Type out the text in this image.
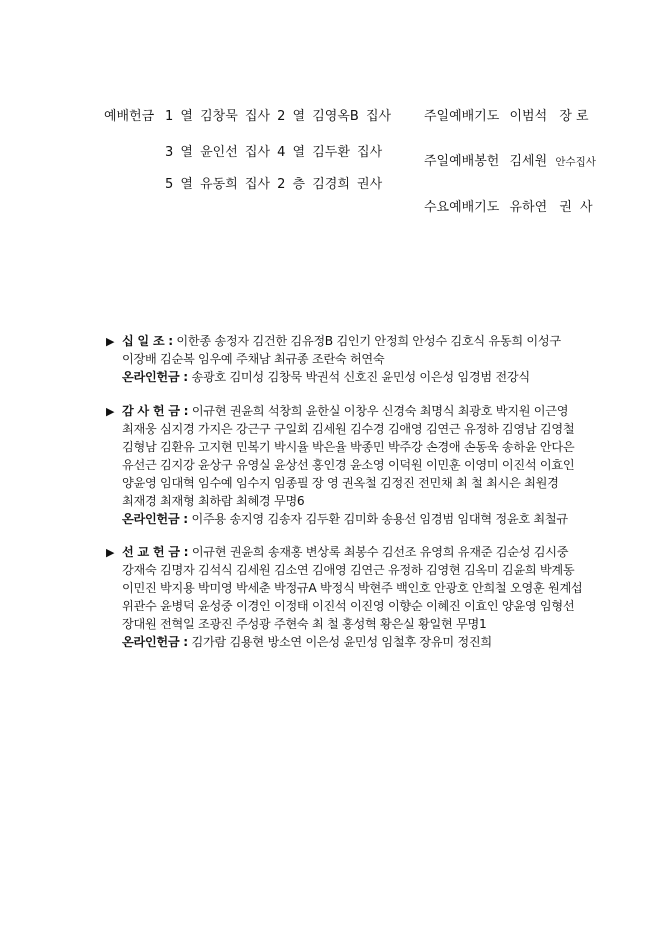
예배헌금 1 열 김창묵 집사 2 열 김영옥B 집사
3 열 윤인선 집사 4 열 김두환 집사
5 열 유동희 집사 2 층 김경희 권사
주일예배기도 이범석 장 로
주일예배봉헌 김세원 안수집사
수요예배기도 유하연 권 사
▶ 십 일 조 : 이한종 송정자 김건한 김유정B 김인기 안정희 안성수 김호식 유동희 이성구
이장배 김순복 임우예 주채남 최규종 조란숙 허연숙
온라인헌금 : 송광호 김미성 김창묵 박권석 신호진 윤민성 이은성 임경범 전강식
▶ 감 사 헌 금 : 이규현 권윤희 석창희 윤한실 이창우 신경숙 최명식 최광호 박지원 이근영
최재웅 심지경 가지은 강근구 구일회 김세원 김수경 김애영 김연근 유정하 김영남 김영철
김형남 김환유 고지현 민복기 박시율 박은율 박종민 박주강 손경애 손동욱 송하윤 안다은
유선근 김지강 윤상구 유영실 윤상선 홍인경 윤소영 이덕원 이민훈 이영미 이진석 이효인
양윤영 임대혁 임수예 임수지 임종필 장 영 권옥철 김정진 전민채 최 철 최시은 최원경
최재경 최재형 최하람 최혜경 무명6
온라인헌금 : 이주용 송지영 김송자 김두환 김미화 송용선 임경범 임대혁 정윤호 최철규
▶ 선 교 헌 금 : 이규현 권윤희 송재홍 변상록 최봉수 김선조 유영희 유재준 김순성 김시중
강재숙 김명자 김석식 김세원 김소연 김애영 김연근 유정하 김영현 김옥미 김윤희 박계동
이민진 박지용 박미영 박세춘 박정규A 박정식 박현주 백인호 안광호 안희철 오영훈 원계섭
위관수 윤병덕 윤성중 이경인 이정태 이진석 이진영 이향순 이혜진 이효인 양윤영 임형선
장대원 전혁일 조광진 주성광 주현숙 최 철 홍성혁 황은실 황일현 무명1
온라인헌금 : 김가람 김용현 방소연 이은성 윤민성 임철후 장유미 정진희
